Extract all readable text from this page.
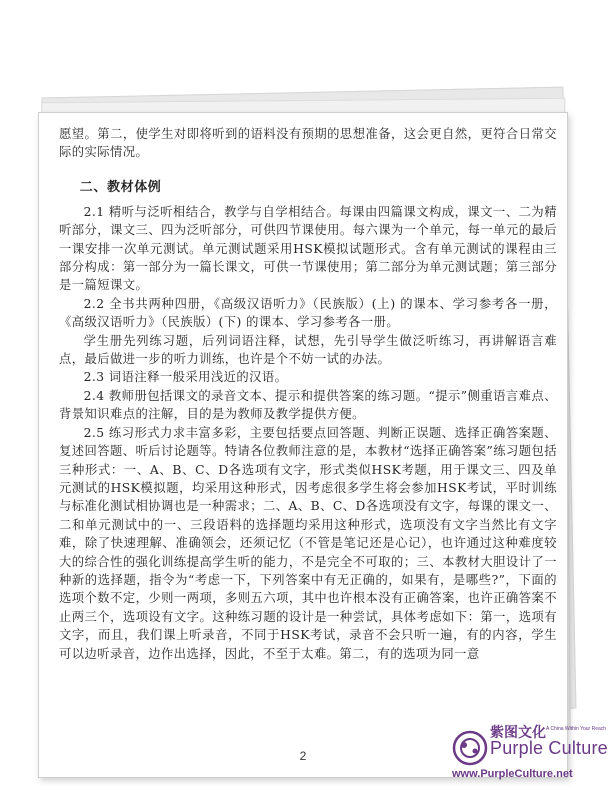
愿望。第二，使学生对即将听到的语料没有预期的思想准备，这会更自然，更符合日常交际的实际情况。

二、教材体例

2.1 精听与泛听相结合，教学与自学相结合。每课由四篇课文构成，课文一、二为精听部分，课文三、四为泛听部分，可供四节课使用。每六课为一个单元，每一单元的最后一课安排一次单元测试。单元测试题采用HSK模拟试题形式。含有单元测试的课程由三部分构成：第一部分为一篇长课文，可供一节课使用；第二部分为单元测试题；第三部分是一篇短课文。

2.2 全书共两种四册，《高级汉语听力》（民族版）(上) 的课本、学习参考各一册，《高级汉语听力》（民族版）(下) 的课本、学习参考各一册。

学生册先列练习题，后列词语注释，试想，先引导学生做泛听练习，再讲解语言难点，最后做进一步的听力训练，也许是个不妨一试的办法。

2.3 词语注释一般采用浅近的汉语。

2.4 教师册包括课文的录音文本、提示和提供答案的练习题。“提示”侧重语言难点、背景知识难点的注解，目的是为教师及教学提供方便。

2.5 练习形式力求丰富多彩，主要包括要点回答题、判断正误题、选择正确答案题、复述回答题、听后讨论题等。特请各位教师注意的是，本教材“选择正确答案”练习题包括三种形式：一、A、B、C、D各选项有文字，形式类似HSK考题，用于课文三、四及单元测试的HSK模拟题，均采用这种形式，因考虑很多学生将会参加HSK考试，平时训练与标准化测试相协调也是一种需求；二、A、B、C、D各选项没有文字，每课的课文一、二和单元测试中的一、三段语料的选择题均采用这种形式，选项没有文字当然比有文字难，除了快速理解、准确领会，还须记忆（不管是笔记还是心记），也许通过这种难度较大的综合性的强化训练提高学生听的能力，不是完全不可取的；三、本教材大胆设计了一种新的选择题，指令为“考虑一下，下列答案中有无正确的，如果有，是哪些?”，下面的选项个数不定，少则一两项，多则五六项，其中也许根本没有正确答案，也许正确答案不止两三个，选项设有文字。这种练习题的设计是一种尝试，具体考虑如下：第一，选项有文字，而且，我们课上听录音，不同于HSK考试，录音不会只听一遍，有的内容，学生可以边听录音，边作出选择，因此，不至于太难。第二，有的选项为同一意

2
紫图文化 A China Within Your Reach
Purple Culture
www.PurpleCulture.net
